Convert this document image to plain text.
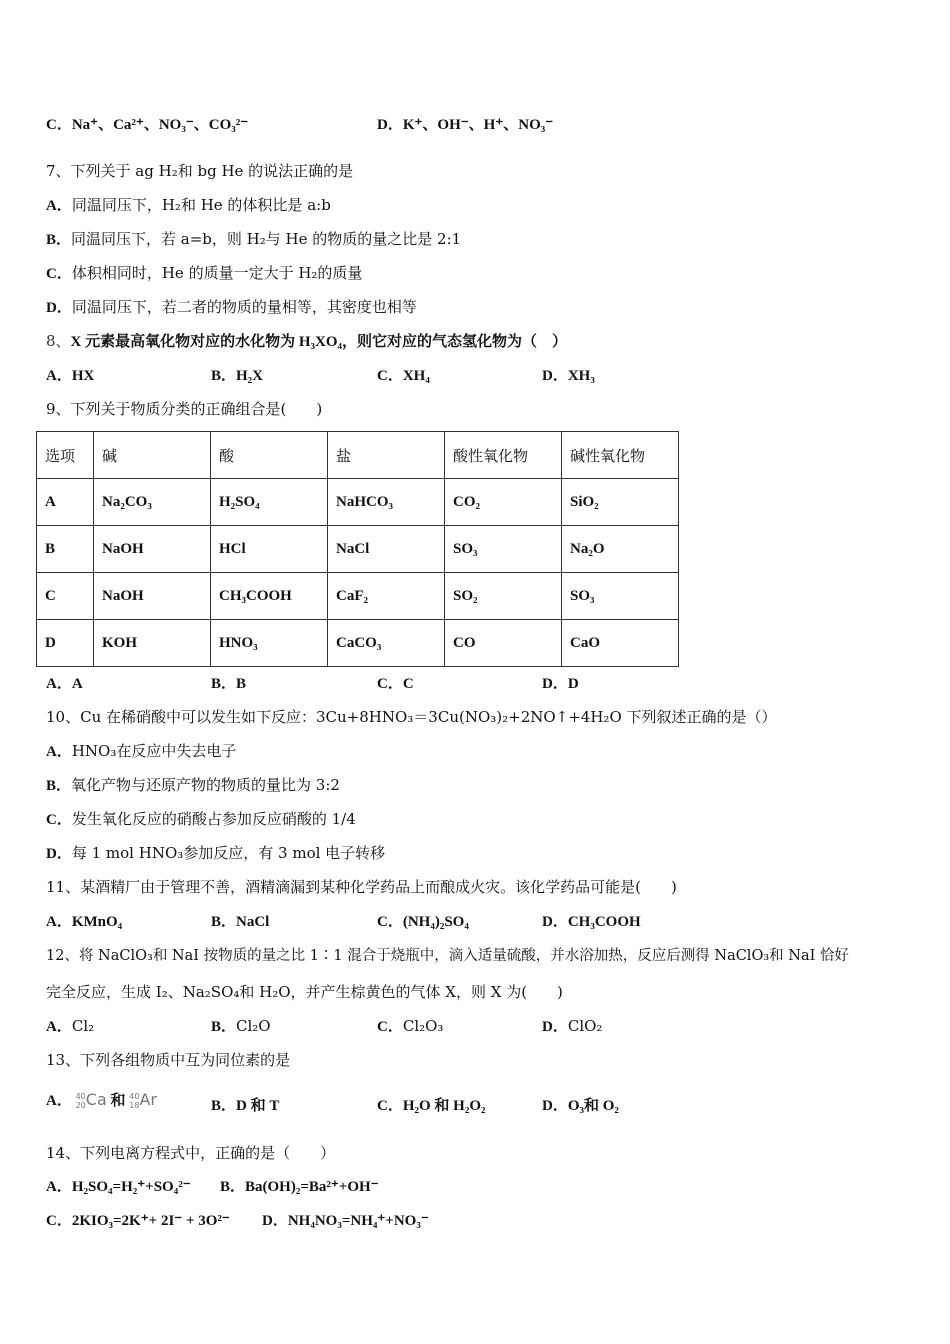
C．Na⁺、Ca²⁺、NO₃⁻、CO₃²⁻	D．K⁺、OH⁻、H⁺、NO₃⁻
7、下列关于 ag H₂和 bg He 的说法正确的是
A．同温同压下，H₂和 He 的体积比是 a:b
B．同温同压下，若 a=b，则 H₂与 He 的物质的量之比是 2:1
C．体积相同时，He 的质量一定大于 H₂的质量
D．同温同压下，若二者的物质的量相等，其密度也相等
8、X 元素最高氧化物对应的水化物为 H₃XO₄，则它对应的气态氢化物为（　）
A．HX	B．H₂X	C．XH₄	D．XH₃
9、下列关于物质分类的正确组合是(　　)
选项	碱	酸	盐	酸性氧化物	碱性氧化物
A	Na₂CO₃	H₂SO₄	NaHCO₃	CO₂	SiO₂
B	NaOH	HCl	NaCl	SO₃	Na₂O
C	NaOH	CH₃COOH	CaF₂	SO₂	SO₃
D	KOH	HNO₃	CaCO₃	CO	CaO
A．A	B．B	C．C	D．D
10、Cu 在稀硝酸中可以发生如下反应：3Cu+8HNO₃＝3Cu(NO₃)₂+2NO↑+4H₂O 下列叙述正确的是（）
A．HNO₃在反应中失去电子
B．氧化产物与还原产物的物质的量比为 3:2
C．发生氧化反应的硝酸占参加反应硝酸的 1/4
D．每 1 mol HNO₃参加反应，有 3 mol 电子转移
11、某酒精厂由于管理不善，酒精滴漏到某种化学药品上而酿成火灾。该化学药品可能是(　　)
A．KMnO₄	B．NaCl	C．(NH₄)₂SO₄	D．CH₃COOH
12、将 NaClO₃和 NaI 按物质的量之比 1∶1 混合于烧瓶中，滴入适量硫酸，并水浴加热，反应后测得 NaClO₃和 NaI 恰好
完全反应，生成 I₂、Na₂SO₄和 H₂O，并产生棕黄色的气体 X，则 X 为(　　)
A．Cl₂	B．Cl₂O	C．Cl₂O₃	D．ClO₂
13、下列各组物质中互为同位素的是
A． 40
20Ca 和 40
18Ar	B．D 和 T	C．H₂O 和 H₂O₂	D．O₃和 O₂
14、下列电离方程式中，正确的是（　　）
A．H₂SO₄=H₂⁺+SO₄²⁻ B．Ba(OH)₂=Ba²⁺+OH⁻
C．2KIO₃=2K⁺+ 2I⁻ + 3O²⁻ D．NH₄NO₃=NH₄⁺+NO₃⁻
